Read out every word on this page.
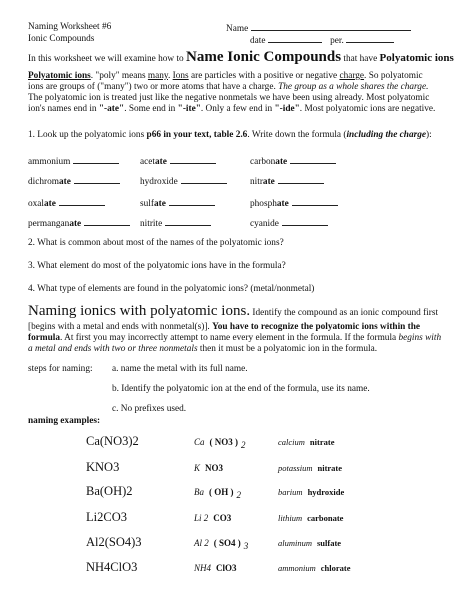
Naming Worksheet #6
Ionic Compounds
Name
date	per.
In this worksheet we will examine how to Name Ionic Compounds that have Polyatomic ions
Polyatomic ions. "poly" means many. Ions are particles with a positive or negative charge. So polyatomic
ions are groups of ("many") two or more atoms that have a charge. The group as a whole shares the charge.
The polyatomic ion is treated just like the negative nonmetals we have been using already. Most polyatomic
ion's names end in "-ate". Some end in "-ite". Only a few end in "-ide". Most polyatomic ions are negative.
1. Look up the polyatomic ions p66 in your text, table 2.6. Write down the formula (including the charge):
ammonium	acetate	carbonate
dichromate	hydroxide	nitrate
oxalate	sulfate	phosphate
permanganate	nitrite	cyanide
2. What is common about most of the names of the polyatomic ions?
3. What element do most of the polyatomic ions have in the formula?
4. What type of elements are found in the polyatomic ions? (metal/nonmetal)
Naming ionics with polyatomic ions. Identify the compound as an ionic compound first
[begins with a metal and ends with nonmetal(s)]. You have to recognize the polyatomic ions within the
formula. At first you may incorrectly attempt to name every element in the formula. If the formula begins with
a metal and ends with two or three nonmetals then it must be a polyatomic ion in the formula.
steps for naming: a. name the metal with its full name.
b. Identify the polyatomic ion at the end of the formula, use its name.
c. No prefixes used.
naming examples:
Ca(NO3)2	Ca ( NO3 ) 2	calcium nitrate
KNO3	K NO3	potassium nitrate
Ba(OH)2	Ba ( OH ) 2	barium hydroxide
Li2CO3	Li 2 CO3	lithium carbonate
Al2(SO4)3	Al 2 ( SO4 ) 3	aluminum sulfate
NH4ClO3	NH4 ClO3	ammonium chlorate
